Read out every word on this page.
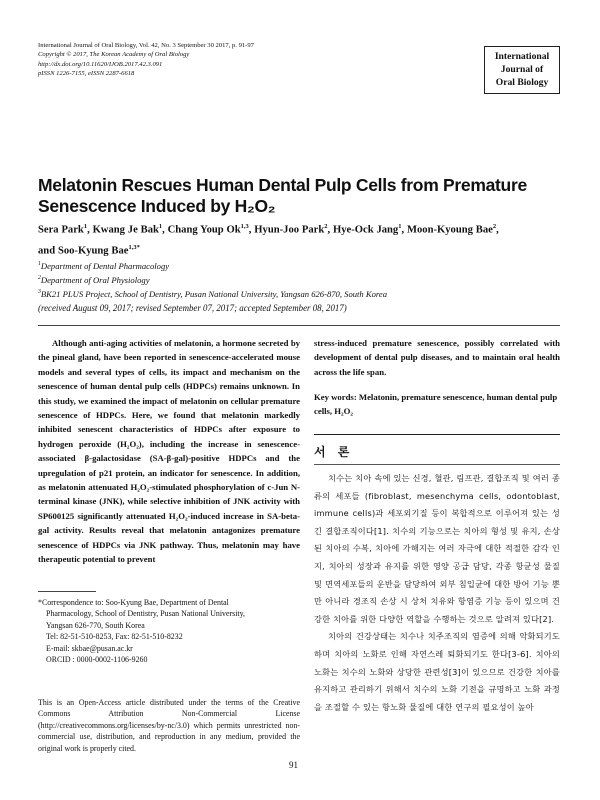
International Journal of Oral Biology, Vol. 42, No. 3 September 30 2017, p. 91-97
Copyright © 2017, The Korean Academy of Oral Biology
http://dx.doi.org/10.11620/IJOB.2017.42.3.091
pISSN 1226-7155, eISSN 2287-6618
International
Journal of
Oral Biology
Melatonin Rescues Human Dental Pulp Cells from Premature Senescence Induced by H₂O₂
Sera Park$^1$, Kwang Je Bak$^1$, Chang Youp Ok$^{1,3}$, Hyun-Joo Park$^2$, Hye-Ock Jang$^1$, Moon-Kyoung Bae$^2$,
and Soo-Kyung Bae$^{1,3*}$
$^1$Department of Dental Pharmacology
$^2$Department of Oral Physiology
$^3$BK21 PLUS Project, School of Dentistry, Pusan National University, Yangsan 626-870, South Korea
(received August 09, 2017; revised September 07, 2017; accepted September 08, 2017)
Although anti-aging activities of melatonin, a hormone secreted by the pineal gland, have been reported in senescence-accelerated mouse models and several types of cells, its impact and mechanism on the senescence of human dental pulp cells (HDPCs) remains unknown. In this study, we examined the impact of melatonin on cellular premature senescence of HDPCs. Here, we found that melatonin markedly inhibited senescent characteristics of HDPCs after exposure to hydrogen peroxide (H₂O₂), including the increase in senescence-associated β-galactosidase (SA-β-gal)-positive HDPCs and the upregulation of p21 protein, an indicator for senescence. In addition, as melatonin attenuated H₂O₂-stimulated phosphorylation of c-Jun N-terminal kinase (JNK), while selective inhibition of JNK activity with SP600125 significantly attenuated H₂O₂-induced increase in SA-beta-gal activity. Results reveal that melatonin antagonizes premature senescence of HDPCs via JNK pathway. Thus, melatonin may have therapeutic potential to prevent
stress-induced premature senescence, possibly correlated with development of dental pulp diseases, and to maintain oral health across the life span.
Key words: Melatonin, premature senescence, human dental pulp cells, H₂O₂
서 론

치수는 치아 속에 있는 신경, 혈관, 림프관, 결합조직 및 여러 종류의 세포들 (fibroblast, mesenchyma cells, odontoblast, immune cells)과 세포외기질 등이 복합적으로 이루어져 있는 성긴 결합조직이다[1]. 치수의 기능으로는 치아의 형성 및 유지, 손상된 치아의 수복, 치아에 가해지는 여러 자극에 대한 적절한 감각 인지, 치아의 성장과 유지를 위한 영양 공급 담당, 각종 항균성 물질 및 면역세포들의 운반을 담당하여 외부 침입균에 대한 방어 기능 뿐만 아니라 경조직 손상 시 상처 치유와 항염증 기능 등이 있으며 건강한 치아를 위한 다양한 역할을 수행하는 것으로 알려져 있다[2].

치아의 건강상태는 치수나 치주조직의 염증에 의해 악화되기도 하며 치아의 노화로 인해 자연스레 퇴화되기도 한다[3-6]. 치아의 노화는 치수의 노화와 상당한 관련성[3]이 있으므로 건강한 치아를 유지하고 관리하기 위해서 치수의 노화 기전을 규명하고 노화 과정을 조절할 수 있는 항노화 물질에 대한 연구의 필요성이 높아

*Correspondence to: Soo-Kyung Bae, Department of Dental
Pharmacology, School of Dentistry, Pusan National University,
Yangsan 626-770, South Korea
Tel: 82-51-510-8253, Fax: 82-51-510-8232
E-mail: skbae@pusan.ac.kr
ORCID : 0000-0002-1106-9260
This is an Open-Access article distributed under the terms of the Creative Commons Attribution Non-Commercial License (http://creativecommons.org/licenses/by-nc/3.0) which permits unrestricted non-commercial use, distribution, and reproduction in any medium, provided the original work is properly cited.
91
